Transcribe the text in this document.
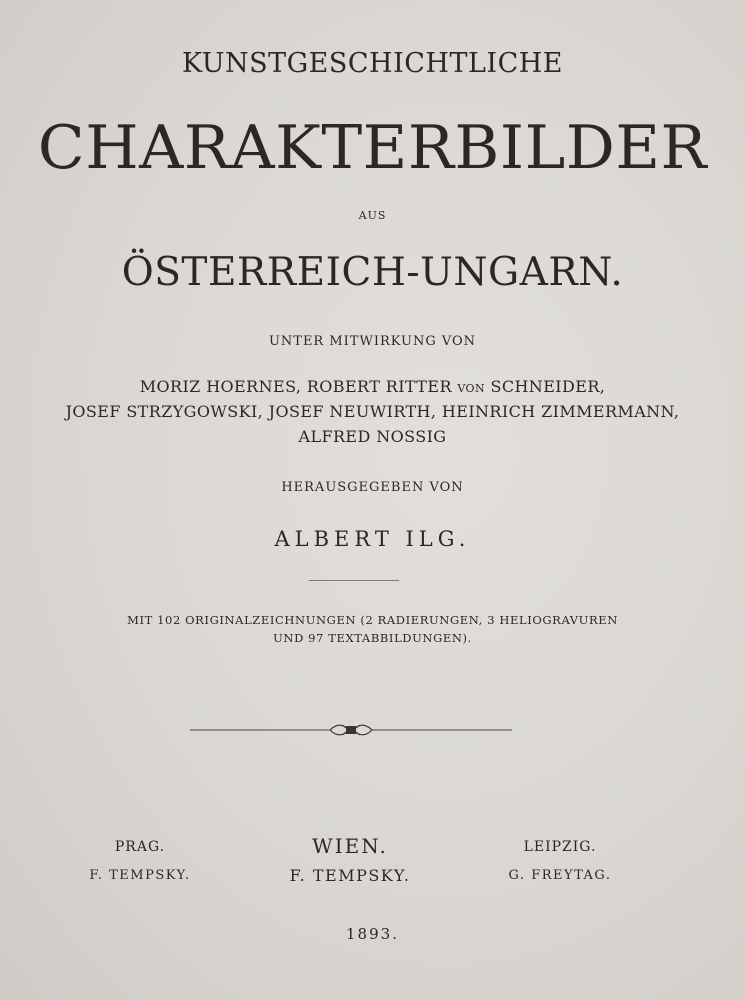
KUNSTGESCHICHTLICHE
CHARAKTERBILDER
AUS
ÖSTERREICH-UNGARN.
UNTER MITWIRKUNG VON
MORIZ HOERNES, ROBERT RITTER VON SCHNEIDER,
JOSEF STRZYGOWSKI, JOSEF NEUWIRTH, HEINRICH ZIMMERMANN,
ALFRED NOSSIG
HERAUSGEGEBEN VON
ALBERT ILG.
MIT 102 ORIGINALZEICHNUNGEN (2 RADIERUNGEN, 3 HELIOGRAVUREN
UND 97 TEXTABBILDUNGEN).
PRAG.
F. TEMPSKY.
WIEN.
F. TEMPSKY.
LEIPZIG.
G. FREYTAG.
1893.
